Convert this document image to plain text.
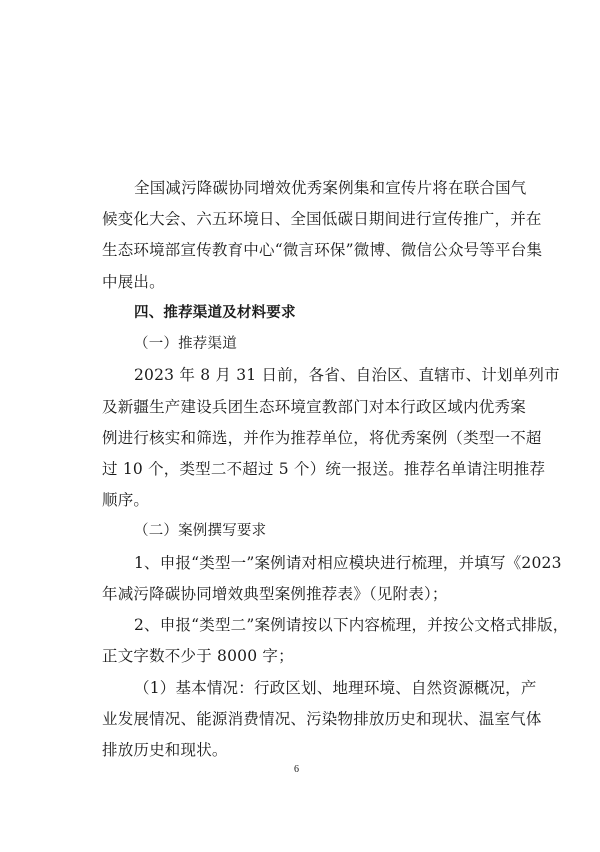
全国减污降碳协同增效优秀案例集和宣传片将在联合国气
候变化大会、六五环境日、全国低碳日期间进行宣传推广，并在
生态环境部宣传教育中心“微言环保”微博、微信公众号等平台集
中展出。
四、推荐渠道及材料要求
（一）推荐渠道
2023 年 8 月 31 日前，各省、自治区、直辖市、计划单列市
及新疆生产建设兵团生态环境宣教部门对本行政区域内优秀案
例进行核实和筛选，并作为推荐单位，将优秀案例（类型一不超
过 10 个，类型二不超过 5 个）统一报送。推荐名单请注明推荐
顺序。
（二）案例撰写要求
1、申报“类型一”案例请对相应模块进行梳理，并填写《2023
年减污降碳协同增效典型案例推荐表》（见附表）；
2、申报“类型二”案例请按以下内容梳理，并按公文格式排版，
正文字数不少于 8000 字；
（1）基本情况：行政区划、地理环境、自然资源概况，产
业发展情况、能源消费情况、污染物排放历史和现状、温室气体
排放历史和现状。
6
